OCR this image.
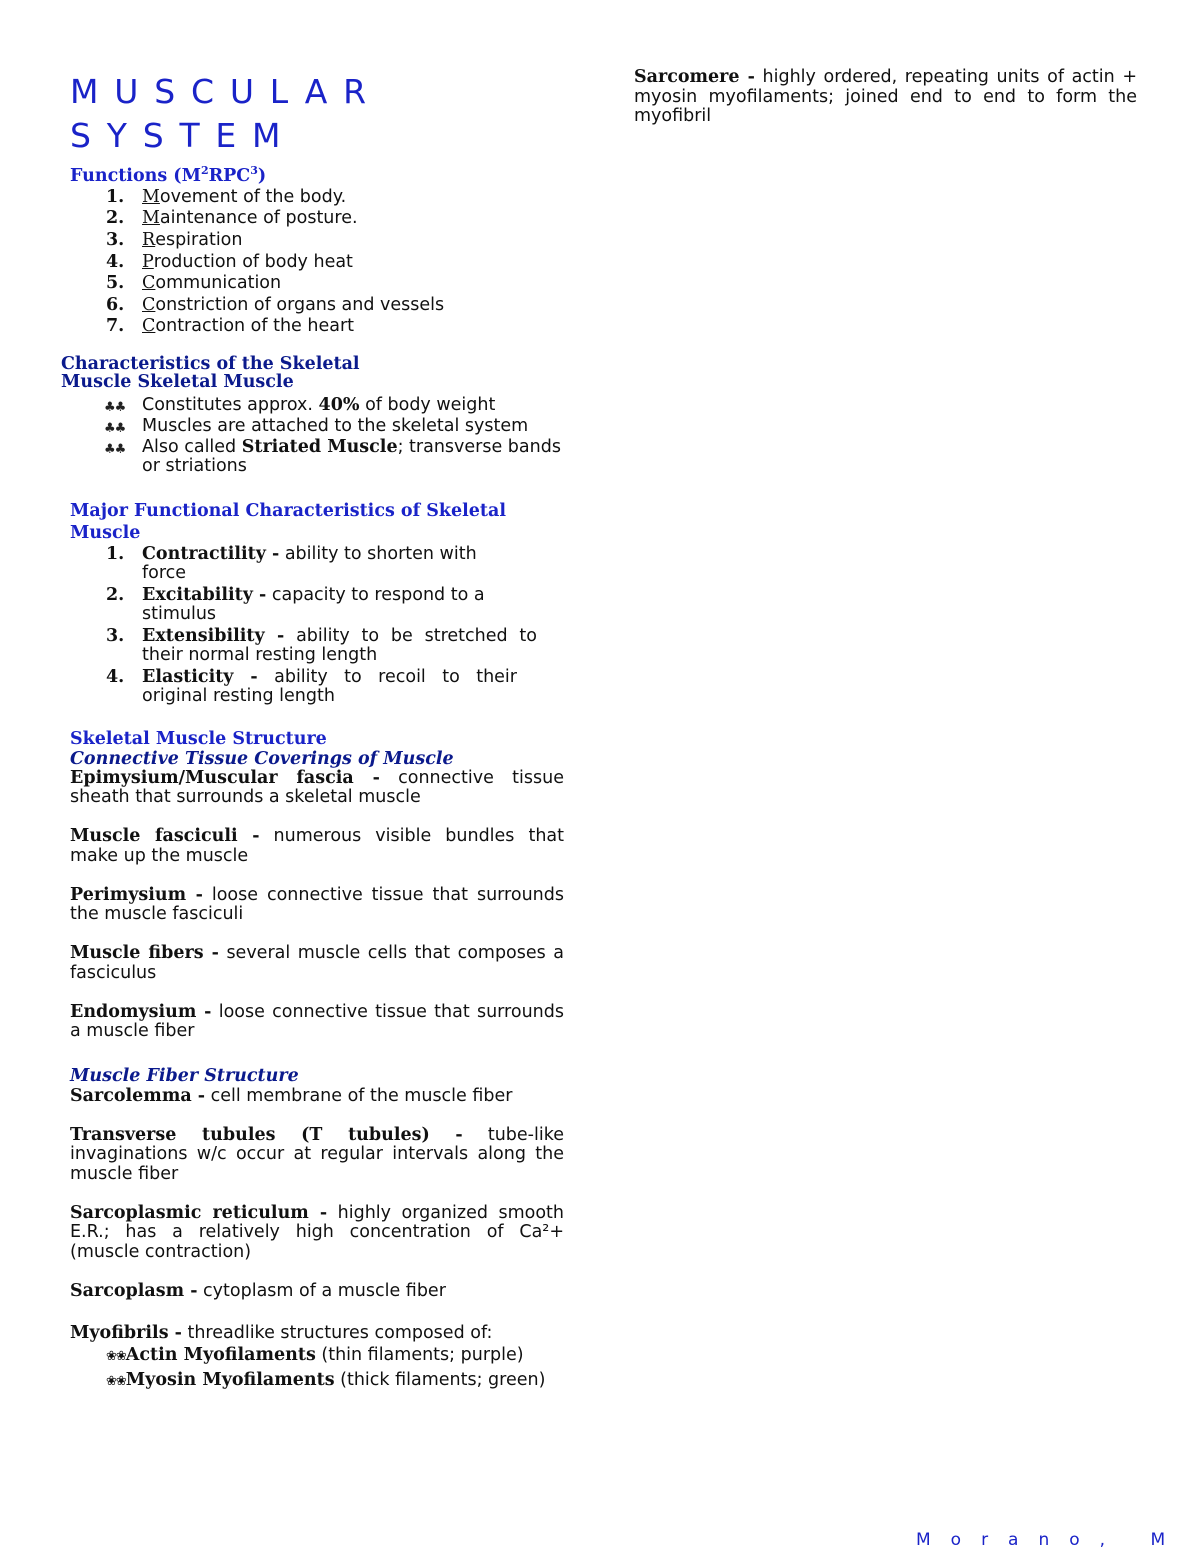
MUSCULAR SYSTEM
Functions $(M^2RPC^3)$
1. Movement of the body.
2. Maintenance of posture.
3. Respiration
4. Production of body heat
5. Communication
6. Constriction of organs and vessels
7. Contraction of the heart
Characteristics of the Skeletal
Muscle Skeletal Muscle
♣♣ Constitutes approx. 40% of body weight
♣♣ Muscles are attached to the skeletal system
♣♣ Also called Striated Muscle; transverse bands or striations
Major Functional Characteristics of Skeletal Muscle
1. Contractility - ability to shorten with force
2. Excitability - capacity to respond to a stimulus
3. Extensibility - ability to be stretched to their normal resting length
4. Elasticity - ability to recoil to their original resting length
Skeletal Muscle Structure
Connective Tissue Coverings of Muscle
Epimysium/Muscular fascia - connective tissue sheath that surrounds a skeletal muscle
Muscle fasciculi - numerous visible bundles that make up the muscle
Perimysium - loose connective tissue that surrounds the muscle fasciculi
Muscle fibers - several muscle cells that composes a fasciculus
Endomysium - loose connective tissue that surrounds a muscle fiber
Muscle Fiber Structure
Sarcolemma - cell membrane of the muscle fiber
Transverse tubules (T tubules) - tube-like invaginations w/c occur at regular intervals along the muscle fiber
Sarcoplasmic reticulum - highly organized smooth E.R.; has a relatively high concentration of Ca²+ (muscle contraction)
Sarcoplasm - cytoplasm of a muscle fiber
Myofibrils - threadlike structures composed of:
❀❀Actin Myofilaments (thin filaments; purple)
❀❀Myosin Myofilaments (thick filaments; green)
Sarcomere - highly ordered, repeating units of actin + myosin myofilaments; joined end to end to form the myofibril
Morano, M
